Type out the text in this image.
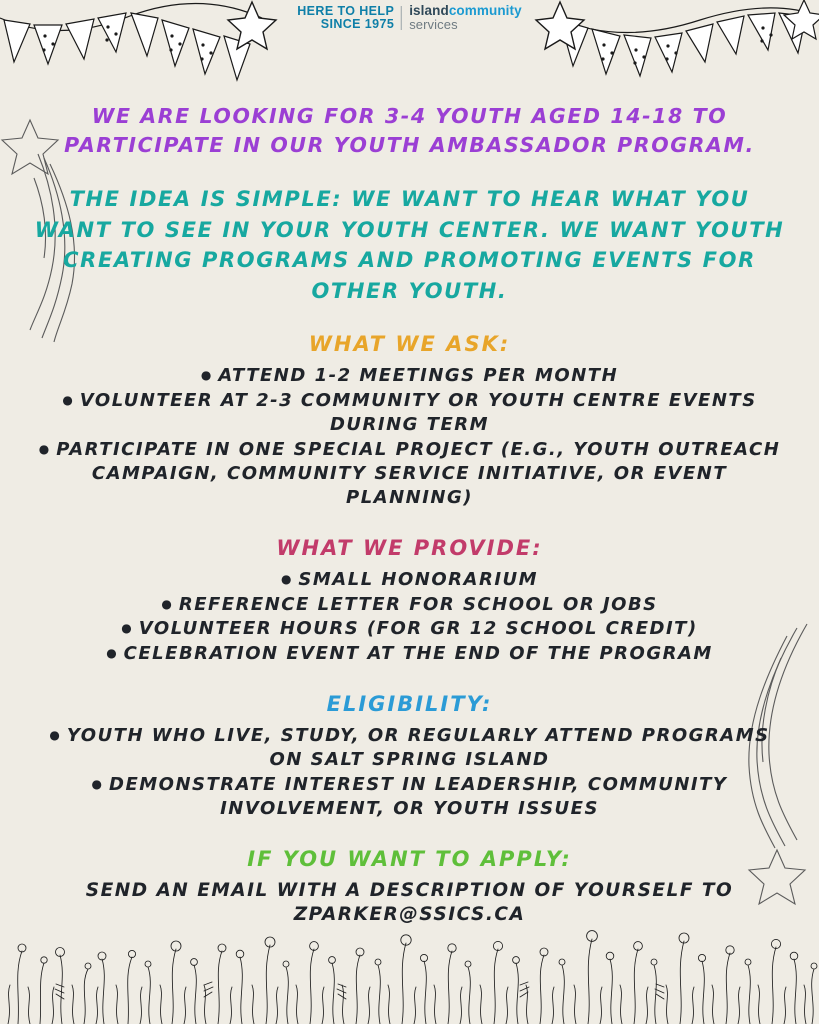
HERE TO HELP
SINCE 1975
islandcommunity
services
WE ARE LOOKING FOR 3-4 YOUTH AGED 14-18 TO PARTICIPATE IN OUR YOUTH AMBASSADOR PROGRAM.
THE IDEA IS SIMPLE: WE WANT TO HEAR WHAT YOU WANT TO SEE IN YOUR YOUTH CENTER. WE WANT YOUTH CREATING PROGRAMS AND PROMOTING EVENTS FOR OTHER YOUTH.
WHAT WE ASK:
● ATTEND 1-2 MEETINGS PER MONTH
● VOLUNTEER AT 2-3 COMMUNITY OR YOUTH CENTRE EVENTS DURING TERM
● PARTICIPATE IN ONE SPECIAL PROJECT (E.G., YOUTH OUTREACH CAMPAIGN, COMMUNITY SERVICE INITIATIVE, OR EVENT PLANNING)
WHAT WE PROVIDE:
● SMALL HONORARIUM
● REFERENCE LETTER FOR SCHOOL OR JOBS
● VOLUNTEER HOURS (FOR GR 12 SCHOOL CREDIT)
● CELEBRATION EVENT AT THE END OF THE PROGRAM
ELIGIBILITY:
● YOUTH WHO LIVE, STUDY, OR REGULARLY ATTEND PROGRAMS ON SALT SPRING ISLAND
● DEMONSTRATE INTEREST IN LEADERSHIP, COMMUNITY INVOLVEMENT, OR YOUTH ISSUES
IF YOU WANT TO APPLY:
SEND AN EMAIL WITH A DESCRIPTION OF YOURSELF TO ZPARKER@SSICS.CA
